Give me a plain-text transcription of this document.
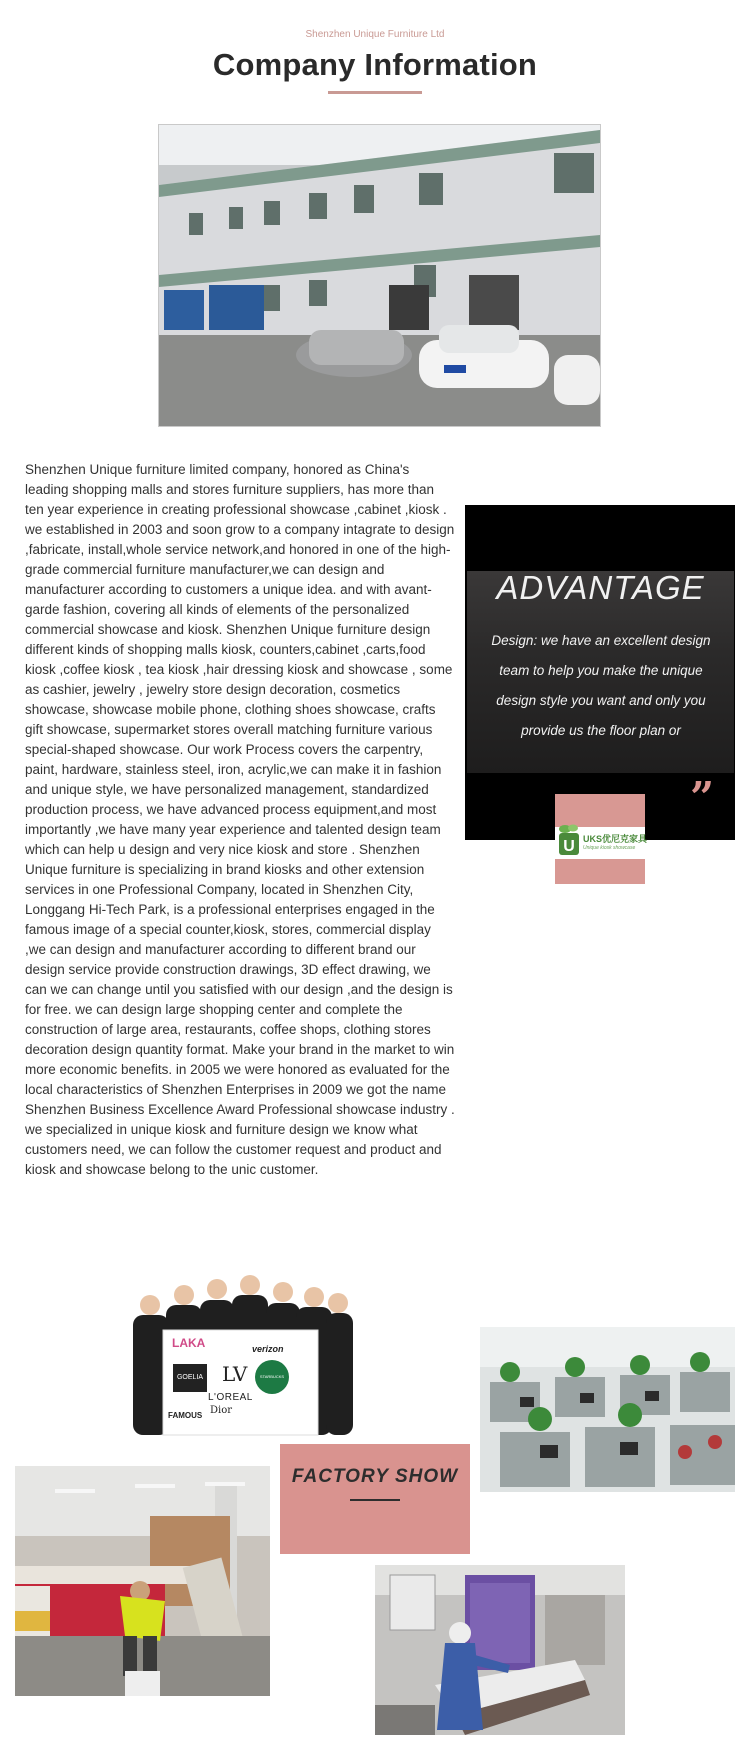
Shenzhen Unique Furniture Ltd
Company Information
Shenzhen Unique furniture limited company, honored as China's leading shopping malls and stores furniture suppliers, has more than ten year experience in creating professional showcase ,cabinet ,kiosk . we established in 2003 and soon grow to a company intagrate to design ,fabricate, install,whole service network,and honored in one of the high-grade commercial furniture manufacturer,we can design and manufacturer according to customers a unique idea. and with avant-garde fashion, covering all kinds of elements of the personalized commercial showcase and kiosk. Shenzhen Unique furniture design different kinds of shopping malls kiosk, counters,cabinet ,carts,food kiosk ,coffee kiosk , tea kiosk ,hair dressing kiosk and showcase , some as cashier, jewelry , jewelry store design decoration, cosmetics showcase, showcase mobile phone, clothing shoes showcase, crafts gift showcase, supermarket stores overall matching furniture various special-shaped showcase. Our work Process covers the carpentry, paint, hardware, stainless steel, iron, acrylic,we can make it in fashion and unique style, we have personalized management, standardized production process, we have advanced process equipment,and most importantly ,we have many year experience and talented design team which can help u design and very nice kiosk and store . Shenzhen Unique furniture is specializing in brand kiosks and other extension services in one Professional Company, located in Shenzhen City, Longgang Hi-Tech Park, is a professional enterprises engaged in the famous image of a special counter,kiosk, stores, commercial display ,we can design and manufacturer according to different brand our design service provide construction drawings, 3D effect drawing, we can we can change until you satisfied with our design ,and the design is for free. we can design large shopping center and complete the construction of large area, restaurants, coffee shops, clothing stores decoration design quantity format. Make your brand in the market to win more economic benefits. in 2005 we were honored as evaluated for the local characteristics of Shenzhen Enterprises in 2009 we got the name Shenzhen Business Excellence Award Professional showcase industry . we specialized in unique kiosk and furniture design we know what customers need, we can follow the customer request and product and kiosk and showcase belong to the unic customer.
ADVANTAGE
Design: we have an excellent design team to help you make the unique design style you want and only you provide us the floor plan or
”
U UKS优尼克家具
Unique kiosk showcase
LAKA
GOELIA LV
verizon
STARBUCKS COFFEE
L'OREAL
FAMOUS Dior
FACTORY SHOW
